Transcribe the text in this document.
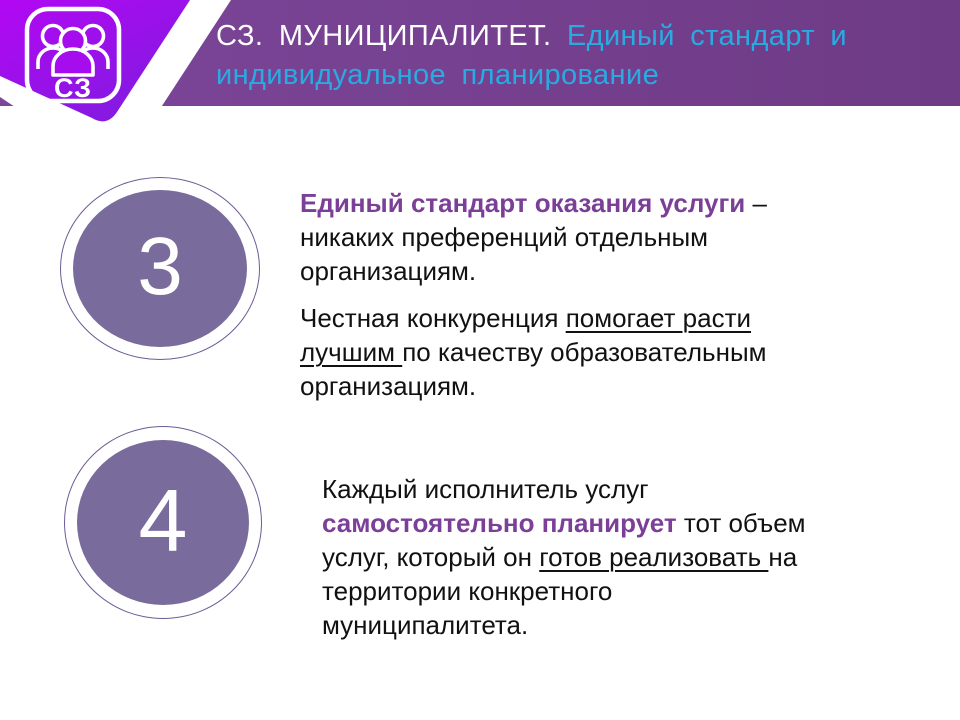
СЗ
СЗ. МУНИЦИПАЛИТЕТ. Единый стандарт и
индивидуальное планирование
3

Единый стандарт оказания услуги –
никаких преференций отдельным
организациям.

Честная конкуренция помогает расти
лучшим по качеству образовательным
организациям.

4	Каждый исполнитель услуг
самостоятельно планирует тот объем
услуг, который он готов реализовать на
территории конкретного
муниципалитета.
